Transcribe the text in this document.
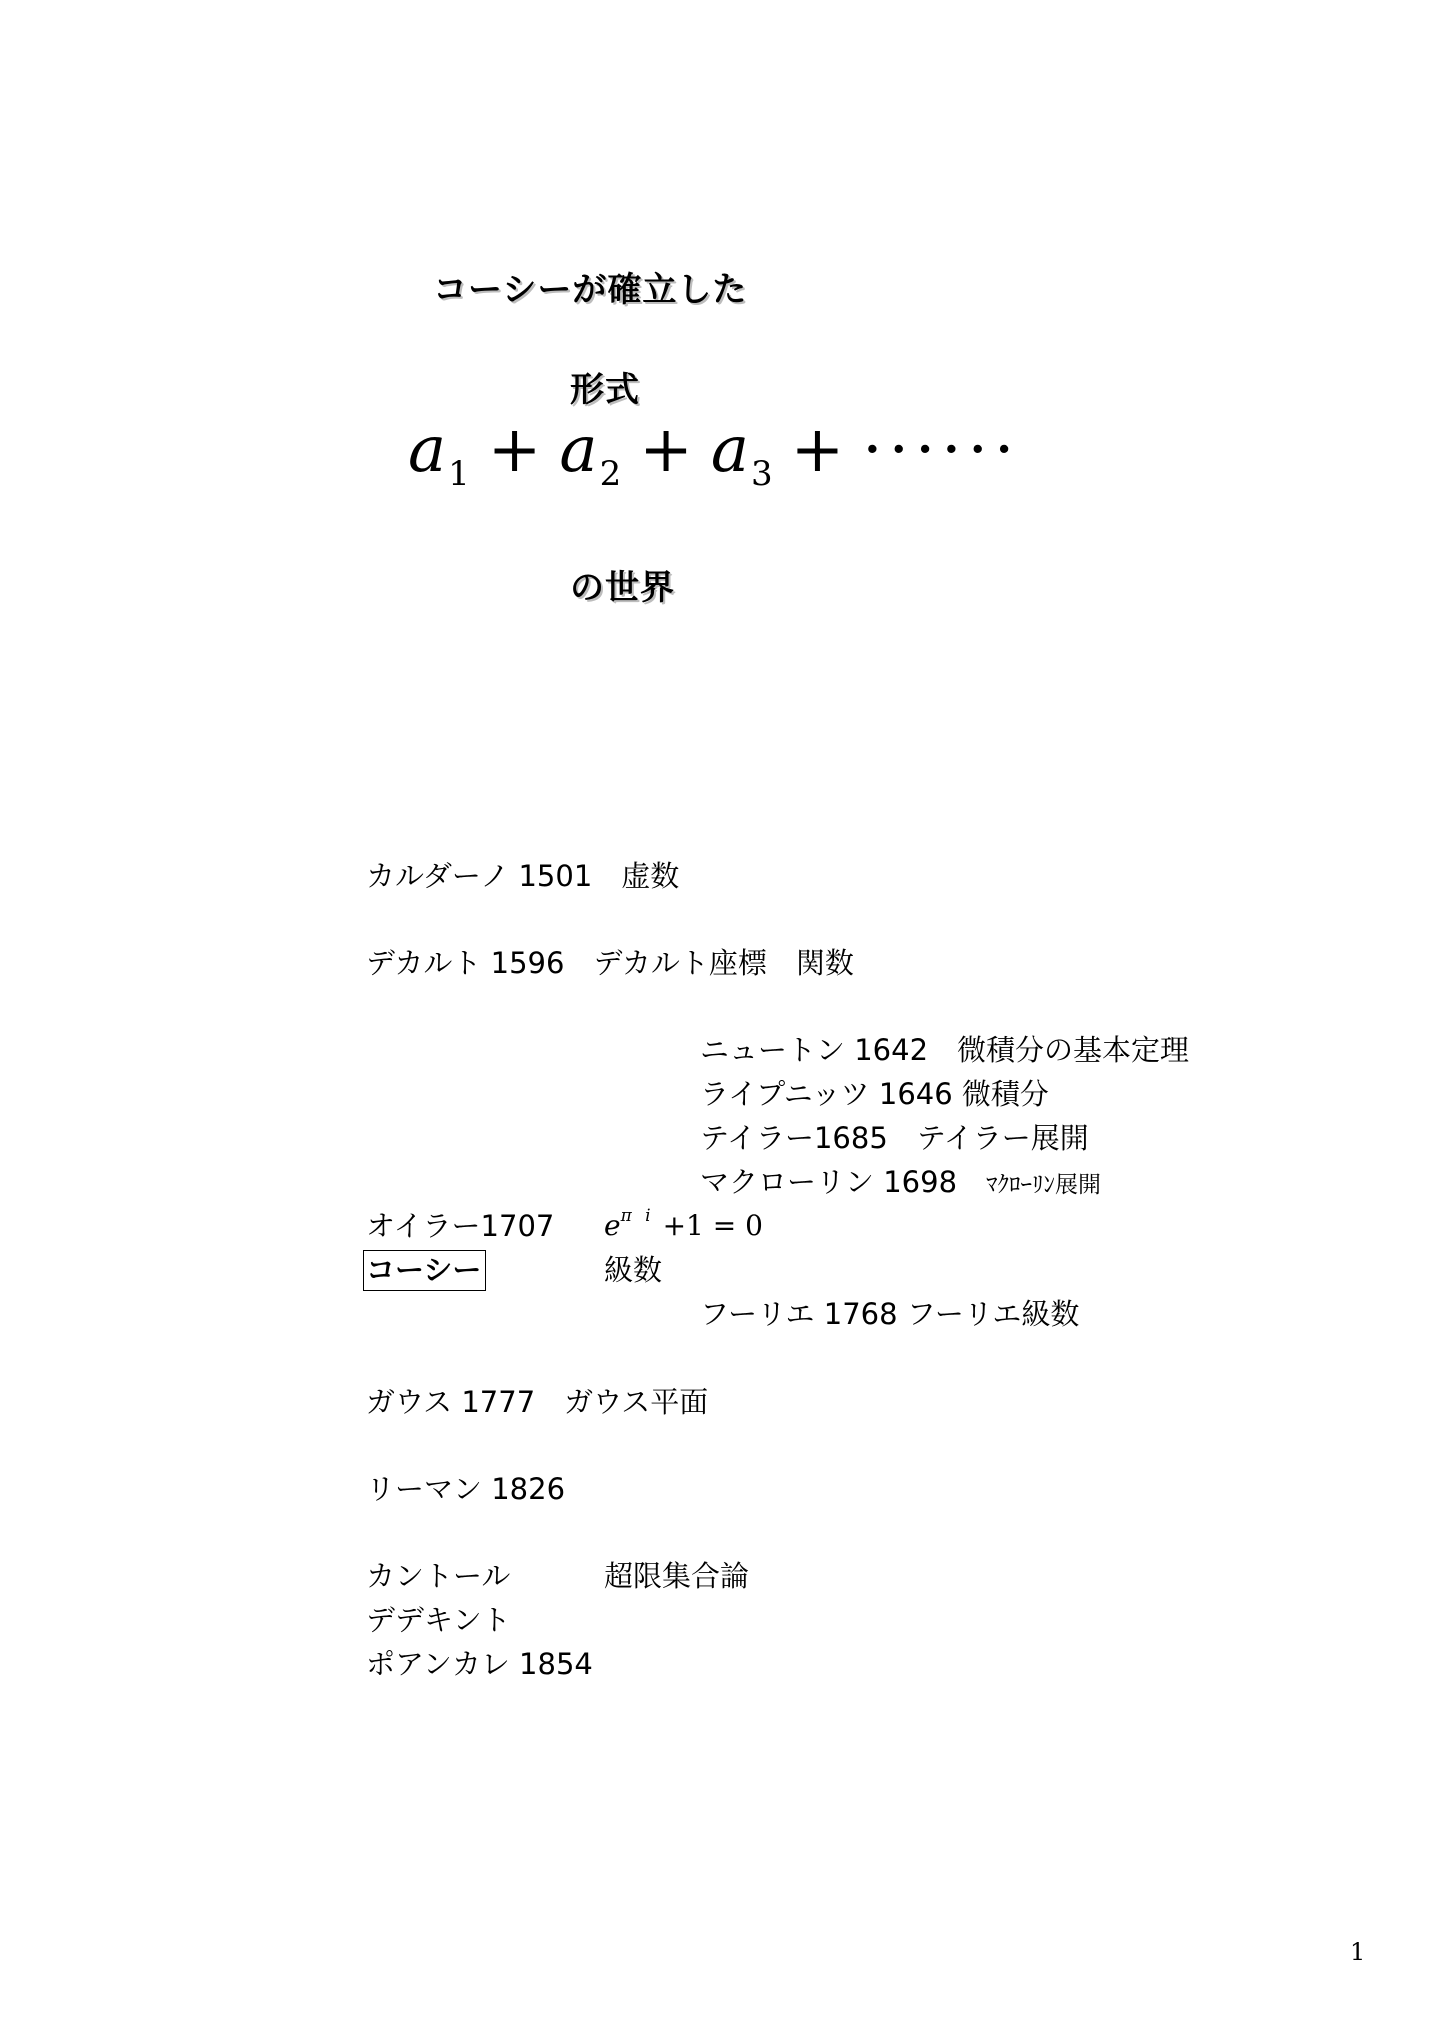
コーシーが確立した
形式
$a_1 + a_2 + a_3$ + ······
の世界
カルダーノ 1501　虚数
デカルト 1596　デカルト座標　関数
ニュートン 1642　微積分の基本定理
ライプニッツ 1646 微積分
テイラー1685　テイラー展開
マクローリン 1698　ﾏｸﾛｰﾘﾝ展開
オイラー1707 $e^{\pi i} +1 = 0$
コーシー	級数
フーリエ 1768 フーリエ級数
ガウス 1777　ガウス平面
リーマン 1826
カントール	超限集合論
デデキント
ポアンカレ 1854
1
